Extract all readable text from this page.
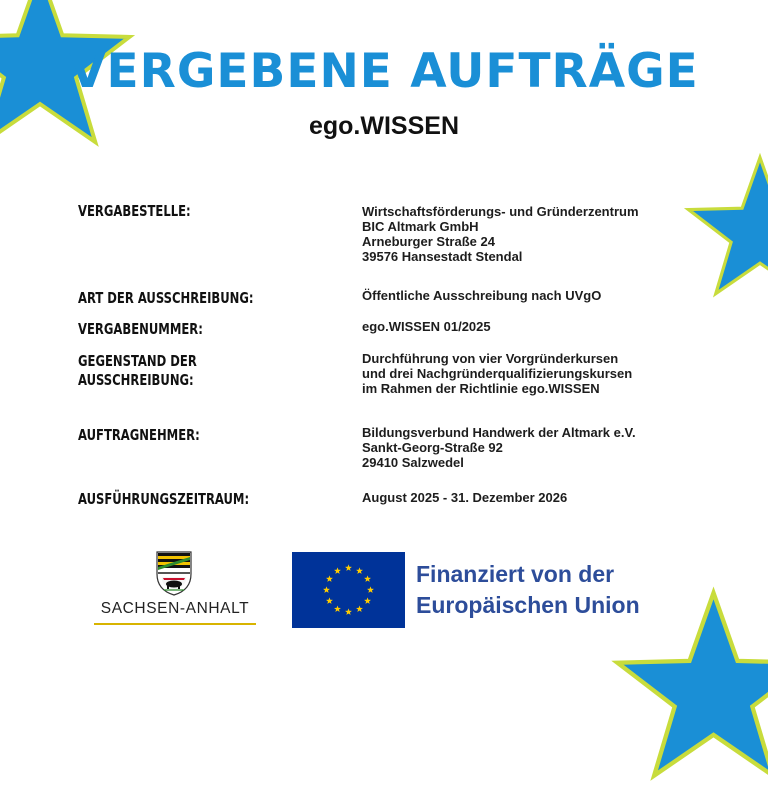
VERGEBENE AUFTRÄGE
ego.WISSEN
VERGABESTELLE:	Wirtschaftsförderungs- und Gründerzentrum
BIC Altmark GmbH
Arneburger Straße 24
39576 Hansestadt Stendal
ART DER AUSSCHREIBUNG:	Öffentliche Ausschreibung nach UVgO
VERGABENUMMER:	ego.WISSEN 01/2025
GEGENSTAND DER
AUSSCHREIBUNG:
Durchführung von vier Vorgründerkursen
und drei Nachgründerqualifizierungskursen
im Rahmen der Richtlinie ego.WISSEN
AUFTRAGNEHMER:	Bildungsverbund Handwerk der Altmark e.V.
Sankt-Georg-Straße 92
29410 Salzwedel
AUSFÜHRUNGSZEITRAUM:	August 2025 - 31. Dezember 2026
SACHSEN-ANHALT
Finanziert von der
Europäischen Union
